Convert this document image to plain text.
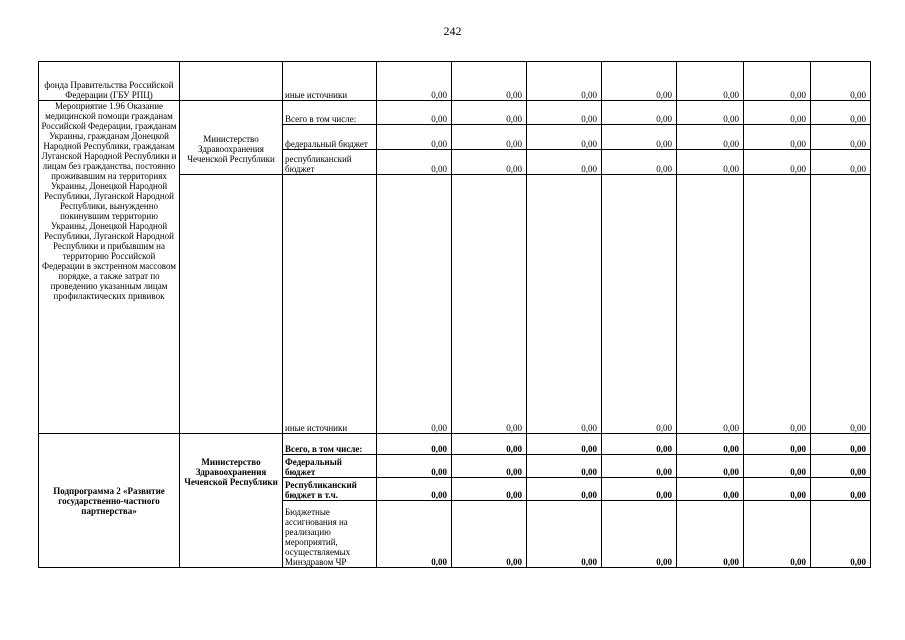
242
фонда Правительства Российской Федерации (ГБУ РПЦ)		иные источники	0,00	0,00	0,00	0,00	0,00	0,00	0,00
Мероприятие 1.96 Оказание медицинской помощи гражданам Российской Федерации, гражданам Украины, гражданам Донецкой Народной Республики, гражданам Луганской Народной Республики и лицам без гражданства, постоянно проживавшим на территориях Украины, Донецкой Народной Республики, Луганской Народной Республики, вынужденно покинувшим территорию Украины, Донецкой Народной Республики, Луганской Народной Республики и прибывшим на территорию Российской Федерации в экстренном массовом порядке, а также затрат по проведению указанным лицам профилактических прививок		Всего в том числе:	0,00	0,00	0,00	0,00	0,00	0,00	0,00
	Министерство Здравоохранения Чеченской Республики	федеральный бюджет	0,00	0,00	0,00	0,00	0,00	0,00	0,00
		республиканский бюджет	0,00	0,00	0,00	0,00	0,00	0,00	0,00
		иные источники	0,00	0,00	0,00	0,00	0,00	0,00	0,00
Подпрограмма 2 «Развитие государственно-частного партнерства»		Всего, в том числе:	0,00	0,00	0,00	0,00	0,00	0,00	0,00
	Министерство Здравоохранения Чеченской Республики	Федеральный бюджет	0,00	0,00	0,00	0,00	0,00	0,00	0,00
		Республиканский бюджет в т.ч.	0,00	0,00	0,00	0,00	0,00	0,00	0,00
		Бюджетные ассигнования на реализацию мероприятий, осуществляемых Минздравом ЧР	0,00	0,00	0,00	0,00	0,00	0,00	0,00
